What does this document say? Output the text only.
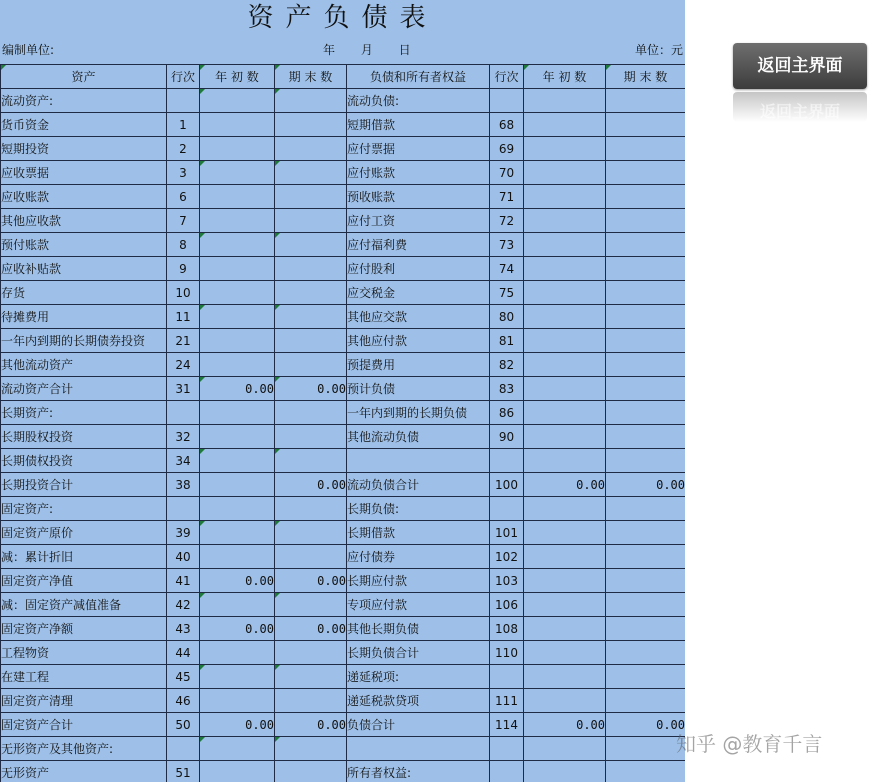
资产负债表
编制单位:	年 月 日	单位：元
资产	行次	年 初 数	期 末 数	负债和所有者权益	行次	年 初 数	期 末 数
流动资产:				流动负债:			
货币资金	1			短期借款	68		
短期投资	2			应付票据	69		
应收票据	3			应付账款	70		
应收账款	6			预收账款	71		
其他应收款	7			应付工资	72		
预付账款	8			应付福利费	73		
应收补贴款	9			应付股利	74		
存货	10			应交税金	75		
待摊费用	11			其他应交款	80		
一年内到期的长期债券投资	21			其他应付款	81		
其他流动资产	24			预提费用	82		
流动资产合计	31	0.00	0.00	预计负债	83		
长期资产:				一年内到期的长期负债	86		
长期股权投资	32			其他流动负债	90		
长期债权投资	34						
长期投资合计	38		0.00	流动负债合计	100	0.00	0.00
固定资产:				长期负债:			
固定资产原价	39			长期借款	101		
减：累计折旧	40			应付债券	102		
固定资产净值	41	0.00	0.00	长期应付款	103		
减：固定资产减值准备	42			专项应付款	106		
固定资产净额	43	0.00	0.00	其他长期负债	108		
工程物资	44			长期负债合计	110		
在建工程	45			递延税项:			
固定资产清理	46			递延税款贷项	111		
固定资产合计	50	0.00	0.00	负债合计	114	0.00	0.00
无形资产及其他资产:							
无形资产	51			所有者权益:			
返回主界面
返回主界面
知乎 @教育千言
